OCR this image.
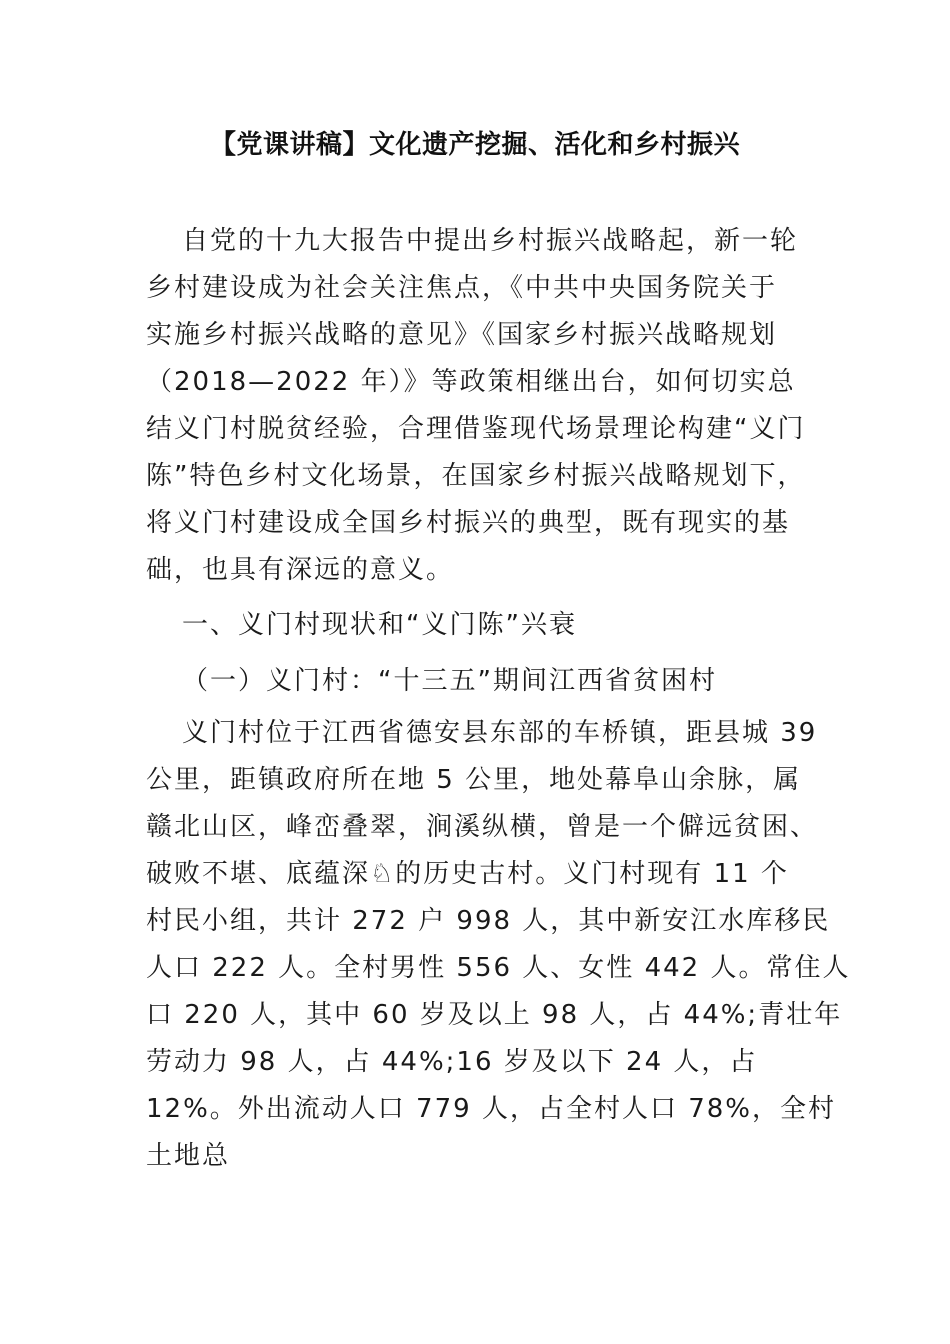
【党课讲稿】文化遗产挖掘、活化和乡村振兴
自党的十九大报告中提出乡村振兴战略起，新一轮
乡村建设成为社会关注焦点，《中共中央国务院关于
实施乡村振兴战略的意见》《国家乡村振兴战略规划
（2018—2022 年）》等政策相继出台，如何切实总
结义门村脱贫经验，合理借鉴现代场景理论构建“义门
陈”特色乡村文化场景，在国家乡村振兴战略规划下，
将义门村建设成全国乡村振兴的典型，既有现实的基
础，也具有深远的意义。
一、义门村现状和“义门陈”兴衰
（一）义门村：“十三五”期间江西省贫困村
义门村位于江西省德安县东部的车桥镇，距县城 39
公里，距镇政府所在地 5 公里，地处幕阜山余脉，属
赣北山区，峰峦叠翠，涧溪纵横，曾是一个僻远贫困、
破败不堪、底蕴深♘的历史古村。义门村现有 11 个
村民小组，共计 272 户 998 人，其中新安江水库移民
人口 222 人。全村男性 556 人、女性 442 人。常住人
口 220 人，其中 60 岁及以上 98 人，占 44%;青壮年
劳动力 98 人，占 44%;16 岁及以下 24 人，占
12%。外出流动人口 779 人，占全村人口 78%，全村
土地总
